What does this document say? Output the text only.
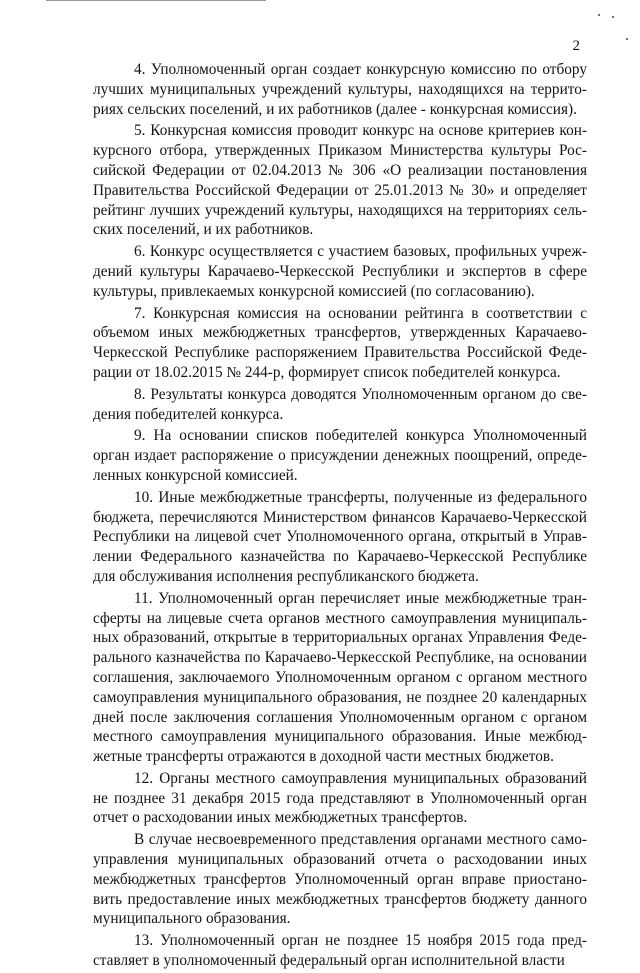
2

4. Уполномоченный орган создает конкурсную комиссию по отбору
лучших муниципальных учреждений культуры, находящихся на террито-
риях сельских поселений, и их работников (далее - конкурсная комиссия).

5. Конкурсная комиссия проводит конкурс на основе критериев кон-
курсного отбора, утвержденных Приказом Министерства культуры Рос-
сийской Федерации от 02.04.2013 № 306 «О реализации постановления
Правительства Российской Федерации от 25.01.2013 № 30» и определяет
рейтинг лучших учреждений культуры, находящихся на территориях сель-
ских поселений, и их работников.

6. Конкурс осуществляется с участием базовых, профильных учреж-
дений культуры Карачаево-Черкесской Республики и экспертов в сфере
культуры, привлекаемых конкурсной комиссией (по согласованию).

7. Конкурсная комиссия на основании рейтинга в соответствии с
объемом иных межбюджетных трансфертов, утвержденных Карачаево-
Черкесской Республике распоряжением Правительства Российской Феде-
рации от 18.02.2015 № 244-р, формирует список победителей конкурса.

8. Результаты конкурса доводятся Уполномоченным органом до све-
дения победителей конкурса.

9. На основании списков победителей конкурса Уполномоченный
орган издает распоряжение о присуждении денежных поощрений, опреде-
ленных конкурсной комиссией.

10. Иные межбюджетные трансферты, полученные из федерального
бюджета, перечисляются Министерством финансов Карачаево-Черкесской
Республики на лицевой счет Уполномоченного органа, открытый в Управ-
лении Федерального казначейства по Карачаево-Черкесской Республике
для обслуживания исполнения республиканского бюджета.

11. Уполномоченный орган перечисляет иные межбюджетные тран-
сферты на лицевые счета органов местного самоуправления муниципаль-
ных образований, открытые в территориальных органах Управления Феде-
рального казначейства по Карачаево-Черкесской Республике, на основании
соглашения, заключаемого Уполномоченным органом с органом местного
самоуправления муниципального образования, не позднее 20 календарных
дней после заключения соглашения Уполномоченным органом с органом
местного самоуправления муниципального образования. Иные межбюд-
жетные трансферты отражаются в доходной части местных бюджетов.

12. Органы местного самоуправления муниципальных образований
не позднее 31 декабря 2015 года представляют в Уполномоченный орган
отчет о расходовании иных межбюджетных трансфертов.

В случае несвоевременного представления органами местного само-
управления муниципальных образований отчета о расходовании иных
межбюджетных трансфертов Уполномоченный орган вправе приостано-
вить предоставление иных межбюджетных трансфертов бюджету данного
муниципального образования.

13. Уполномоченный орган не позднее 15 ноября 2015 года пред-
ставляет в уполномоченный федеральный орган исполнительной власти
